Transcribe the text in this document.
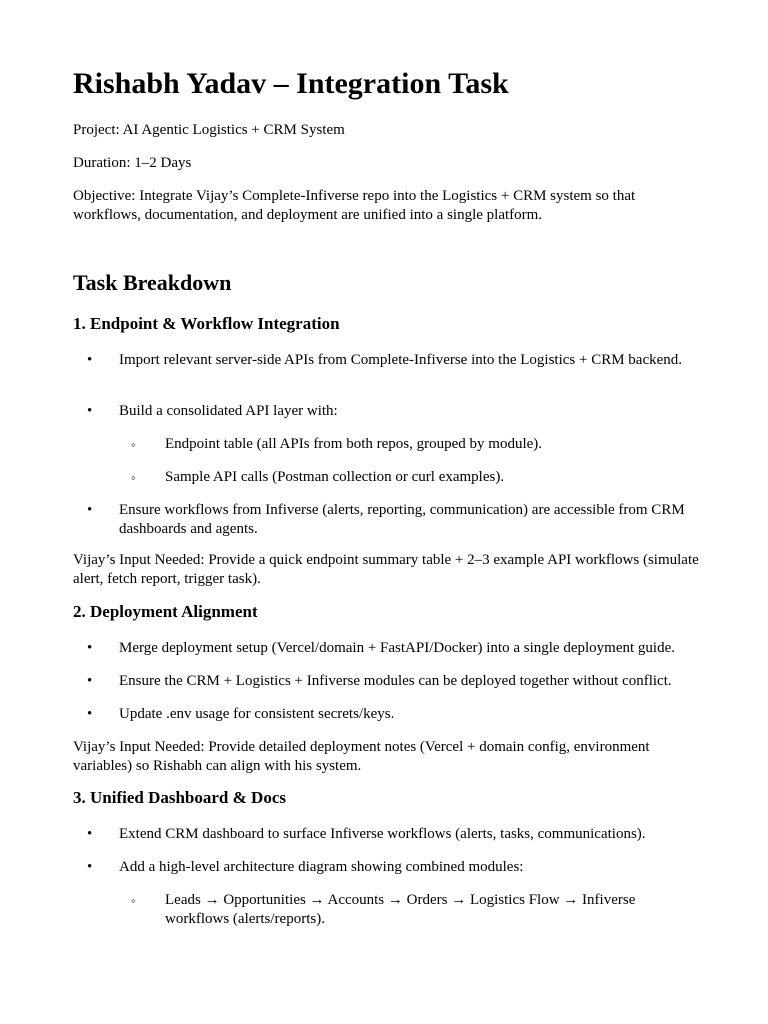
Rishabh Yadav – Integration Task

Project: AI Agentic Logistics + CRM System

Duration: 1–2 Days

Objective: Integrate Vijay’s Complete-Infiverse repo into the Logistics + CRM system so that workflows, documentation, and deployment are unified into a single platform.

Task Breakdown
1. Endpoint & Workflow Integration
• Import relevant server-side APIs from Complete-Infiverse into the Logistics + CRM backend.
• Build a consolidated API layer with:
◦ Endpoint table (all APIs from both repos, grouped by module).
◦ Sample API calls (Postman collection or curl examples).
• Ensure workflows from Infiverse (alerts, reporting, communication) are accessible from CRM dashboards and agents.

Vijay’s Input Needed: Provide a quick endpoint summary table + 2–3 example API workflows (simulate alert, fetch report, trigger task).

2. Deployment Alignment
• Merge deployment setup (Vercel/domain + FastAPI/Docker) into a single deployment guide.
• Ensure the CRM + Logistics + Infiverse modules can be deployed together without conflict.
• Update .env usage for consistent secrets/keys.

Vijay’s Input Needed: Provide detailed deployment notes (Vercel + domain config, environment variables) so Rishabh can align with his system.

3. Unified Dashboard & Docs
• Extend CRM dashboard to surface Infiverse workflows (alerts, tasks, communications).
• Add a high-level architecture diagram showing combined modules:
◦ Leads → Opportunities → Accounts → Orders → Logistics Flow → Infiverse workflows (alerts/reports).
